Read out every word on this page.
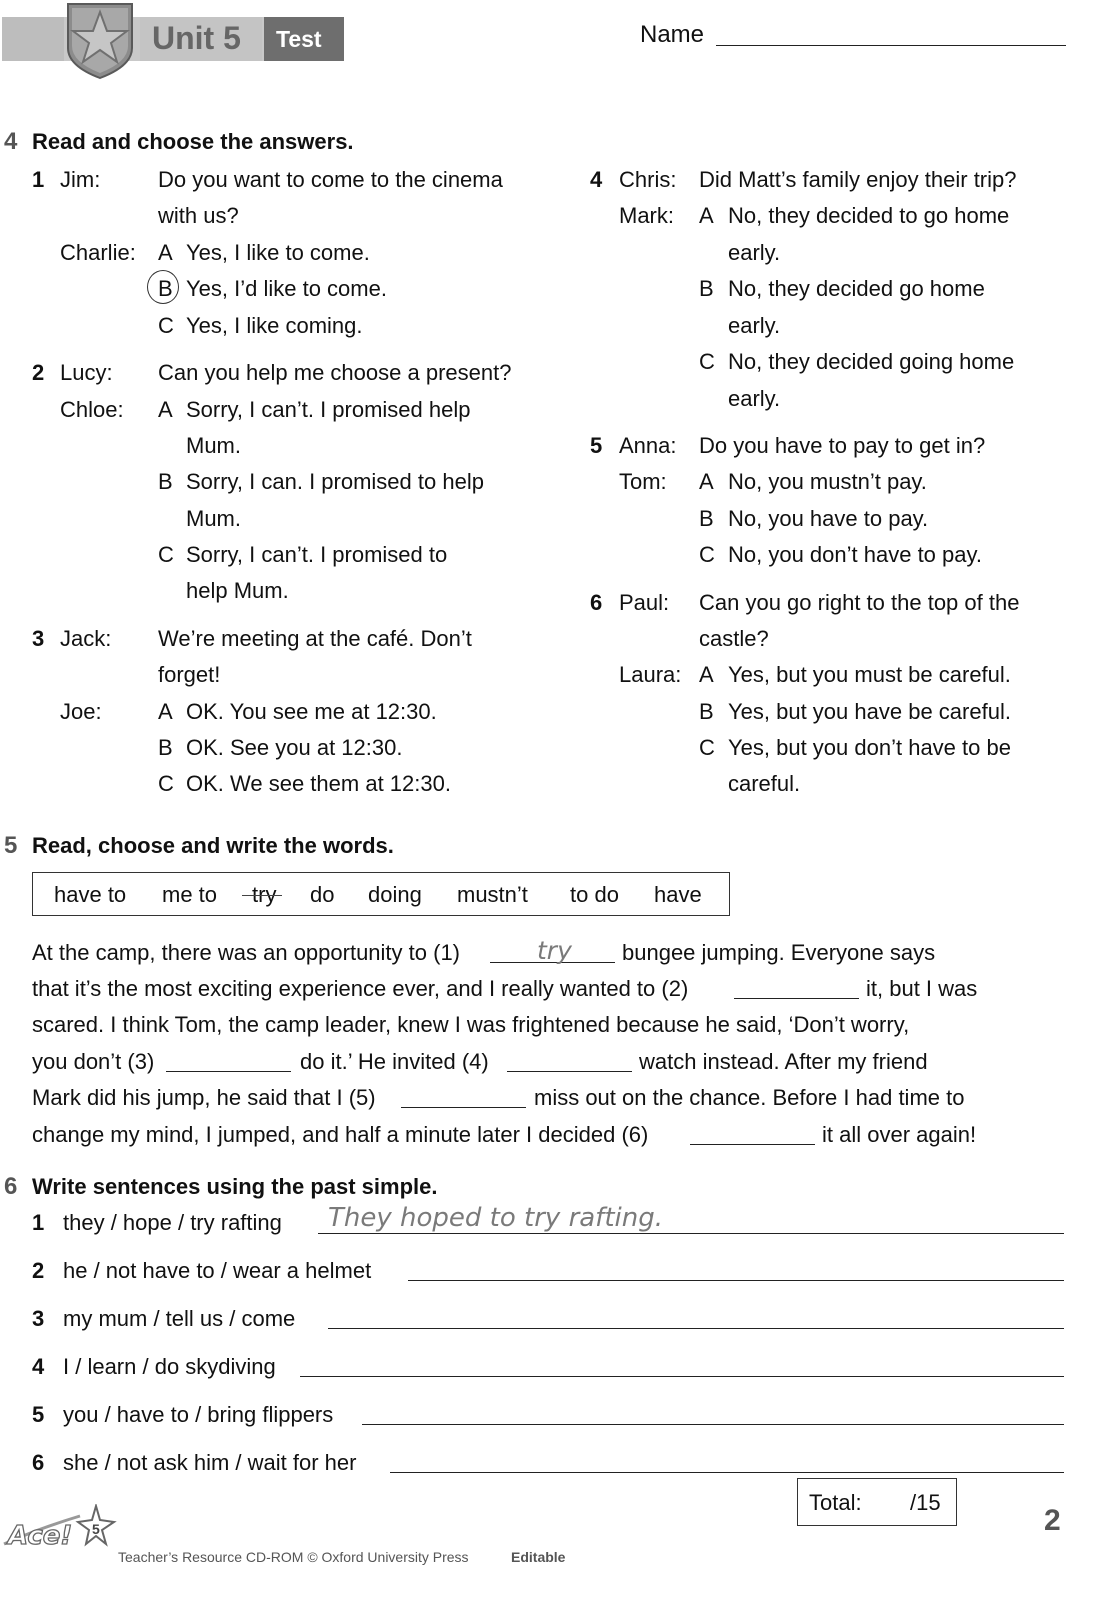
Unit 5 Test	Name
4 Read and choose the answers.
1 Jim:	Do you want to come to the cinema
with us?
Charlie: A Yes, I like to come.
B Yes, I’d like to come.
C Yes, I like coming.
2 Lucy: Can you help me choose a present?
Chloe: A Sorry, I can’t. I promised help
Mum.
B Sorry, I can. I promised to help
Mum.
C Sorry, I can’t. I promised to
help Mum.
3 Jack: We’re meeting at the café. Don’t
forget!
Joe:	A OK. You see me at 12:30.
B OK. See you at 12:30.
C OK. We see them at 12:30.
4 Chris: Did Matt’s family enjoy their trip?
Mark: A No, they decided to go home
early.
B No, they decided go home
early.
C No, they decided going home
early.
5 Anna: Do you have to pay to get in?
Tom: A No, you mustn’t pay.
B No, you have to pay.
C No, you don’t have to pay.
6 Paul: Can you go right to the top of the
castle?
Laura: A Yes, but you must be careful.
B Yes, but you have be careful.
C Yes, but you don’t have to be
careful.
5 Read, choose and write the words.
have to me to try do doing mustn’t to do have
At the camp, there was an opportunity to (1)	try bungee jumping. Everyone says
that it’s the most exciting experience ever, and I really wanted to (2)	it, but I was
scared. I think Tom, the camp leader, knew I was frightened because he said, ‘Don’t worry,
you don’t (3)	do it.’ He invited (4)	watch instead. After my friend
Mark did his jump, he said that I (5)	miss out on the chance. Before I had time to
change my mind, I jumped, and half a minute later I decided (6)	it all over again!
6 Write sentences using the past simple.
1 they / hope / try rafting They hoped to try rafting.
2 he / not have to / wear a helmet
3 my mum / tell us / come
4 I / learn / do skydiving
5 you / have to / bring flippers
6 she / not ask him / wait for her
Total: /15
2
Ace! 5
Teacher’s Resource CD-ROM © Oxford University Press	Editable
